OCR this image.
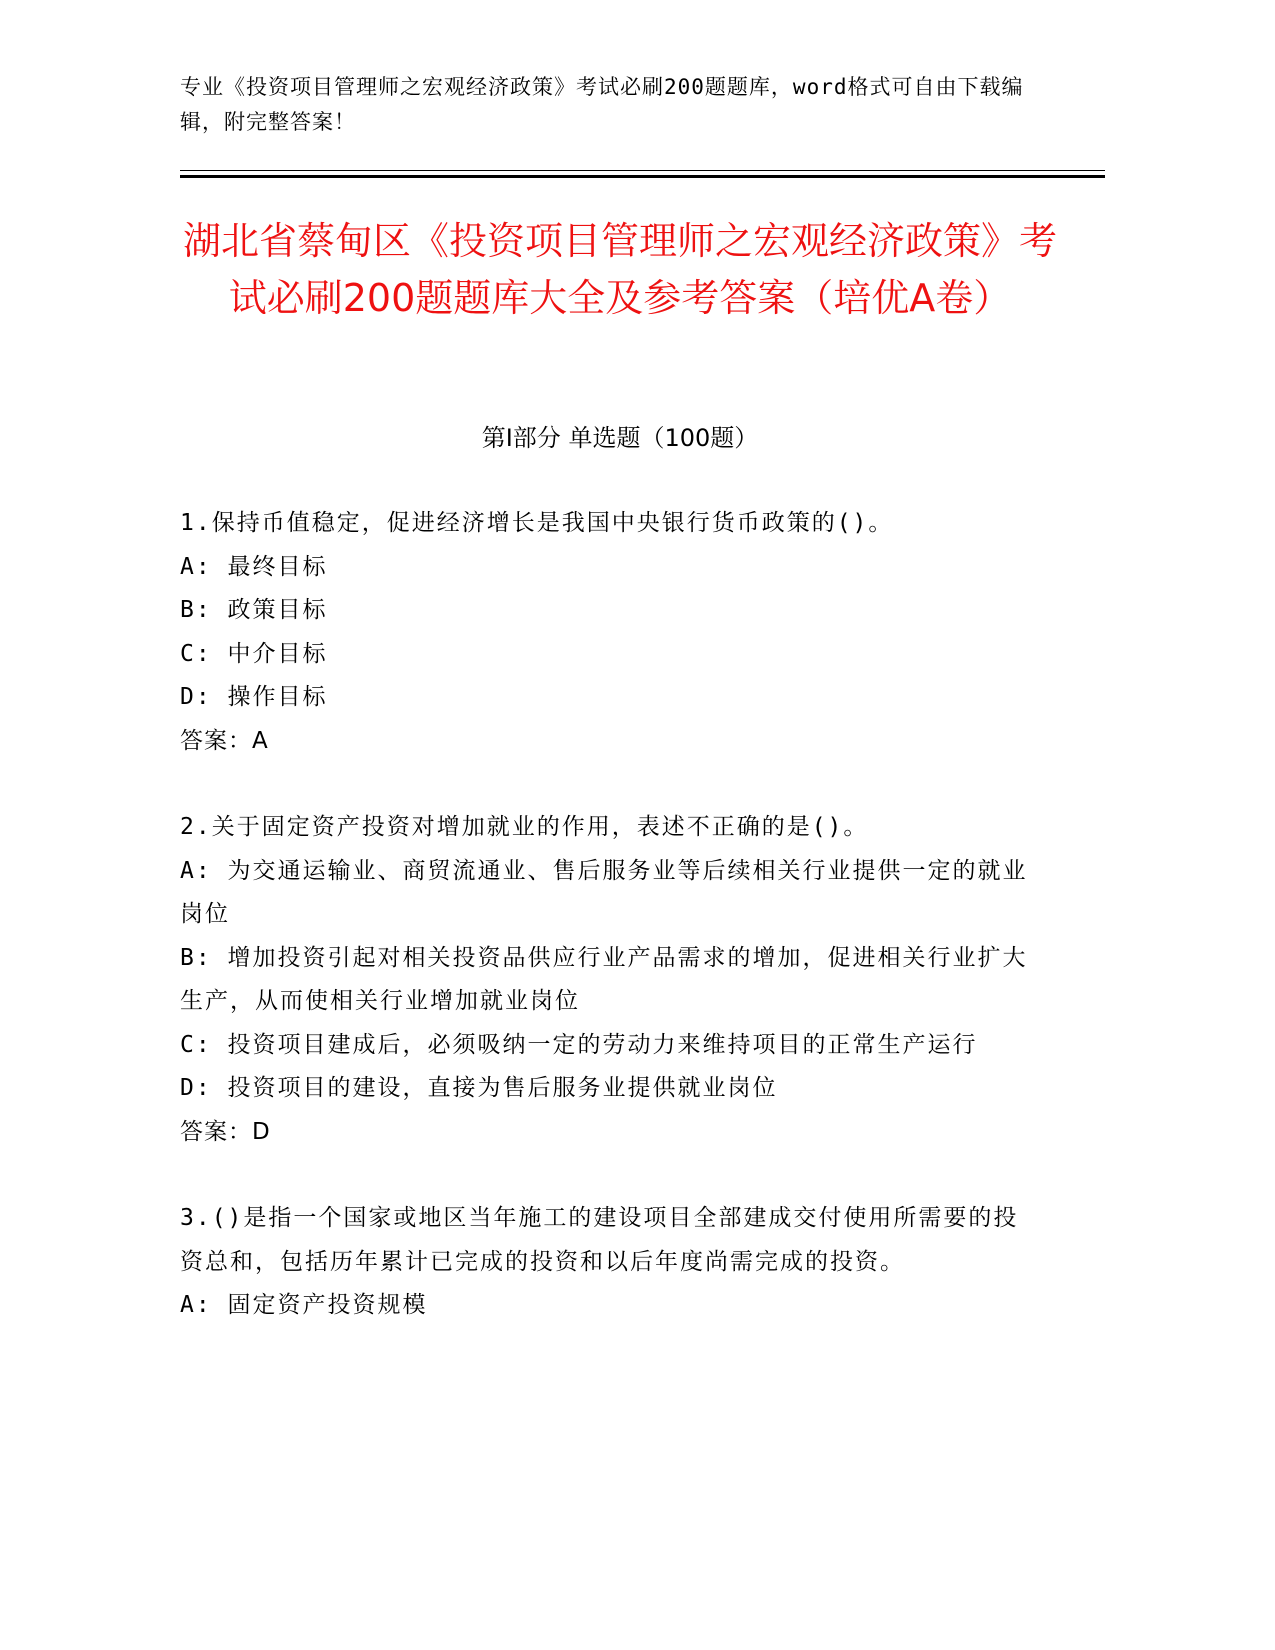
专业《投资项目管理师之宏观经济政策》考试必刷200题题库，word格式可自由下载编辑，附完整答案！
湖北省蔡甸区《投资项目管理师之宏观经济政策》考试必刷200题题库大全及参考答案（培优A卷）
第I部分 单选题（100题）

1.保持币值稳定，促进经济增长是我国中央银行货币政策的()。

A: 最终目标

B: 政策目标

C: 中介目标

D: 操作目标

答案：A

2.关于固定资产投资对增加就业的作用，表述不正确的是()。

A: 为交通运输业、商贸流通业、售后服务业等后续相关行业提供一定的就业岗位

B: 增加投资引起对相关投资品供应行业产品需求的增加，促进相关行业扩大生产，从而使相关行业增加就业岗位

C: 投资项目建成后，必须吸纳一定的劳动力来维持项目的正常生产运行

D: 投资项目的建设，直接为售后服务业提供就业岗位

答案：D

3.()是指一个国家或地区当年施工的建设项目全部建成交付使用所需要的投资总和，包括历年累计已完成的投资和以后年度尚需完成的投资。

A: 固定资产投资规模
